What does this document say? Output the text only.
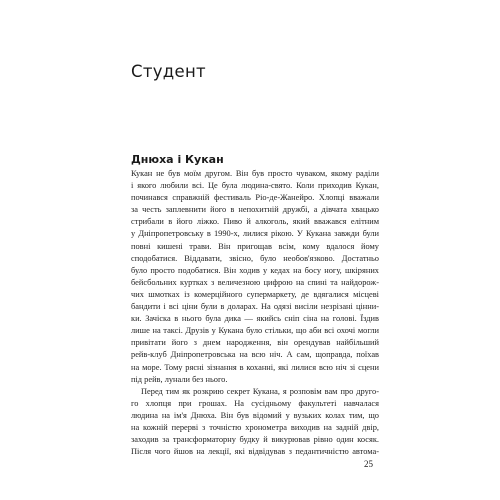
Студент
Днюха і Кукан

Кукан не був моїм другом. Він був просто чуваком, якому раділи
і якого любили всі. Це була людина-свято. Коли приходив Кукан,
починався справжній фестиваль Ріо-де-Жанейро. Хлопці вважали
за честь заплевнити його в непохитній дружбі, а дівчата хвацько
стрибали в його ліжко. Пиво й алкоголь, який вважався елітним
у Дніпропетровську в 1990-х, лилися рікою. У Кукана завжди були
повні кишені трави. Він пригощав всім, кому вдалося йому
сподобатися. Віддавати, звісно, було необов'язково. Достатньо
було просто подобатися. Він ходив у кедах на босу ногу, шкіряних
бейсбольних куртках з величезною цифрою на спині та найдорож-
чих шмотках із комерційного супермаркету, де вдягалися місцеві
бандити і всі ціни були в доларах. На одязі висіли незрізані цінни-
ки. Зачіска в нього була дика — якийсь сніп сіна на голові. Їздив
лише на таксі. Друзів у Кукана було стільки, що аби всі охочі могли
привітати його з днем народження, він орендував найбільший
рейв-клуб Дніпропетровська на всю ніч. А сам, щоправда, поїхав
на море. Тому рясні зізнання в коханні, які лилися всю ніч зі сцени
під рейв, лунали без нього.

Перед тим як розкрию секрет Кукана, я розповім вам про друго-
го хлопця при грошах. На сусідньому факультеті навчалася
людина на ім'я Днюха. Він був відомий у вузьких колах тим, що
на кожній перерві з точністю хронометра виходив на задній двір,
заходив за трансформаторну будку й викурював рівно один косяк.
Після чого йшов на лекції, які відвідував з педантичністю автома-

25
